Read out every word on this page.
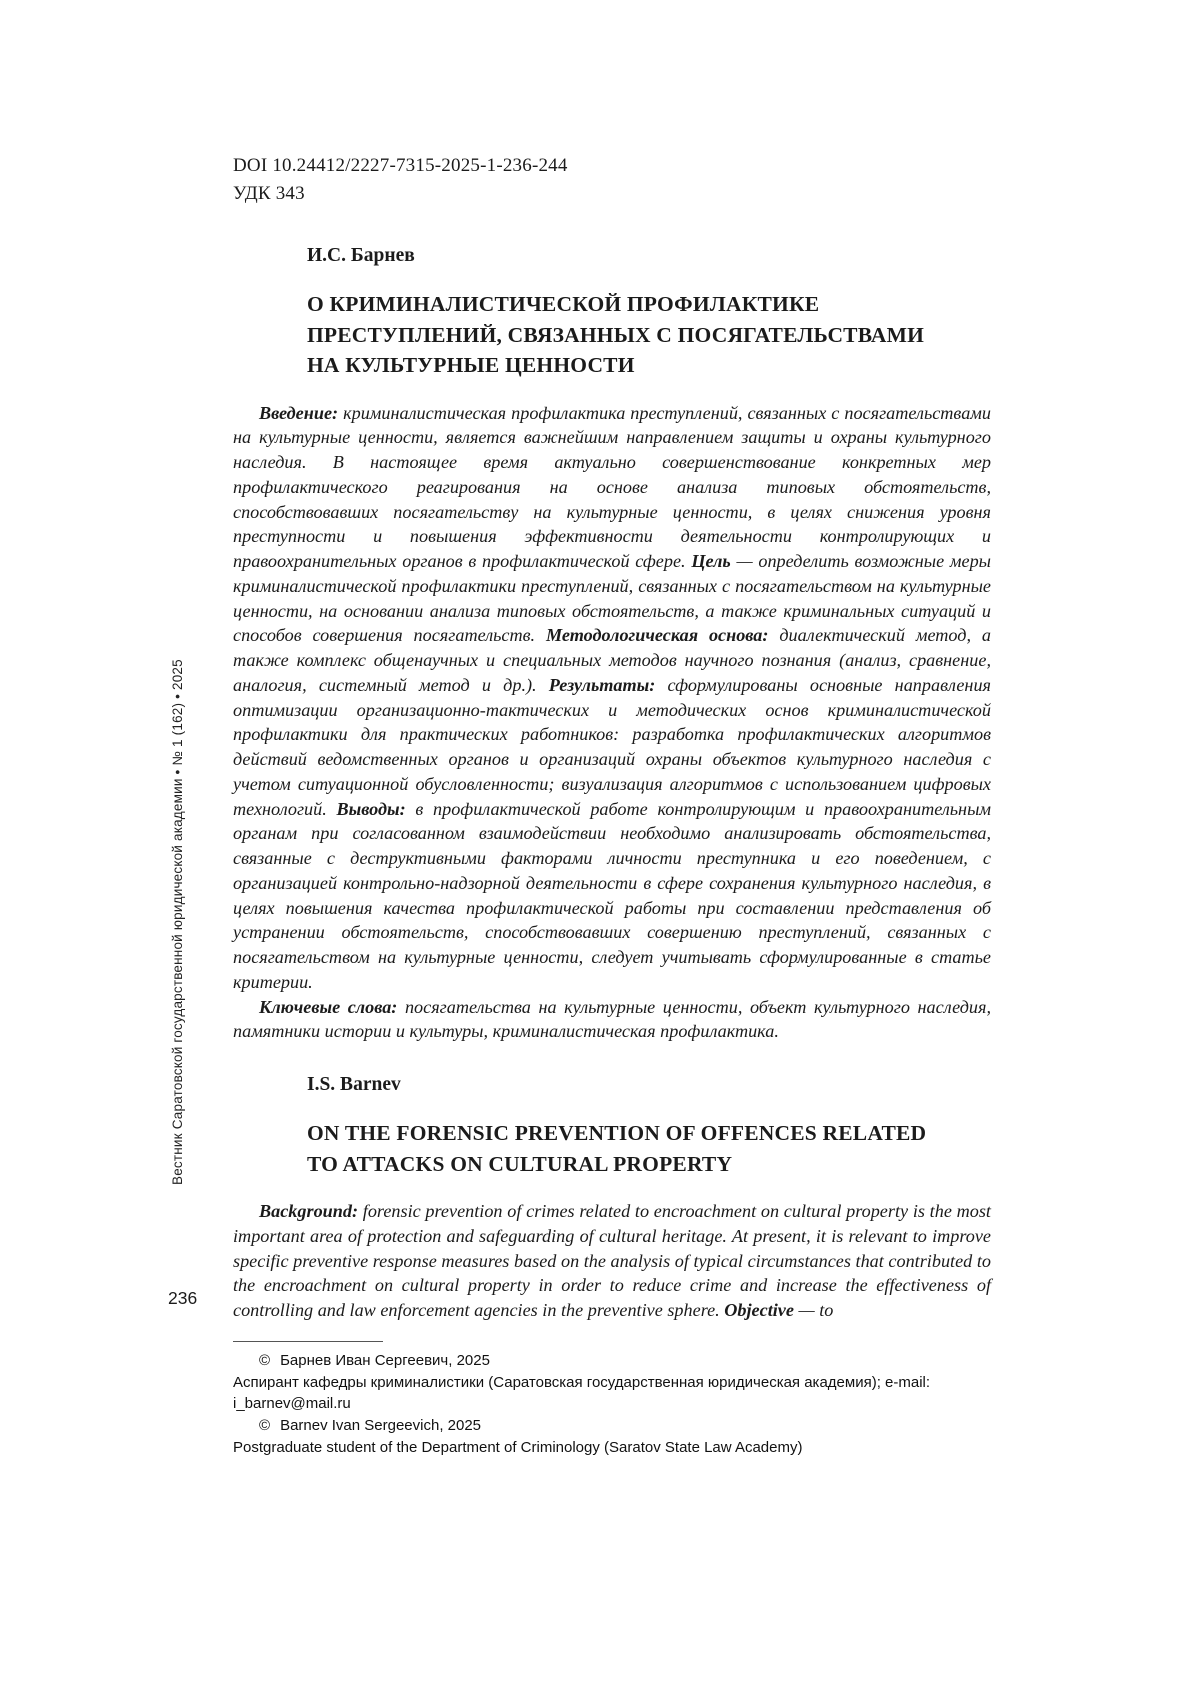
Вестник Саратовской государственной юридической академии • № 1 (162) • 2025
236
DOI 10.24412/2227-7315-2025-1-236-244
УДК 343
И.С. Барнев
О КРИМИНАЛИСТИЧЕСКОЙ ПРОФИЛАКТИКЕ
ПРЕСТУПЛЕНИЙ, СВЯЗАННЫХ С ПОСЯГАТЕЛЬСТВАМИ
НА КУЛЬТУРНЫЕ ЦЕННОСТИ

Введение: криминалистическая профилактика преступлений, связанных с посягательствами на культурные ценности, является важнейшим направлением защиты и охраны культурного наследия. В настоящее время актуально совершенствование конкретных мер профилактического реагирования на основе анализа типовых обстоятельств, способствовавших посягательству на культурные ценности, в целях снижения уровня преступности и повышения эффективности деятельности контролирующих и правоохранительных органов в профилактической сфере. Цель — определить возможные меры криминалистической профилактики преступлений, связанных с посягательством на культурные ценности, на основании анализа типовых обстоятельств, а также криминальных ситуаций и способов совершения посягательств. Методологическая основа: диалектический метод, а также комплекс общенаучных и специальных методов научного познания (анализ, сравнение, аналогия, системный метод и др.). Результаты: сформулированы основные направления оптимизации организационно-тактических и методических основ криминалистической профилактики для практических работников: разработка профилактических алгоритмов действий ведомственных органов и организаций охраны объектов культурного наследия с учетом ситуационной обусловленности; визуализация алгоритмов с использованием цифровых технологий. Выводы: в профилактической работе контролирующим и правоохранительным органам при согласованном взаимодействии необходимо анализировать обстоятельства, связанные с деструктивными факторами личности преступника и его поведением, с организацией контрольно-надзорной деятельности в сфере сохранения культурного наследия, в целях повышения качества профилактической работы при составлении представления об устранении обстоятельств, способствовавших совершению преступлений, связанных с посягательством на культурные ценности, следует учитывать сформулированные в статье критерии.

Ключевые слова: посягательства на культурные ценности, объект культурного наследия, памятники истории и культуры, криминалистическая профилактика.

I.S. Barnev
ON THE FORENSIC PREVENTION OF OFFENCES RELATED
TO ATTACKS ON CULTURAL PROPERTY

Background: forensic prevention of crimes related to encroachment on cultural property is the most important area of protection and safeguarding of cultural heritage. At present, it is relevant to improve specific preventive response measures based on the analysis of typical circumstances that contributed to the encroachment on cultural property in order to reduce crime and increase the effectiveness of controlling and law enforcement agencies in the preventive sphere. Objective — to

© Барнев Иван Сергеевич, 2025
Аспирант кафедры криминалистики (Саратовская государственная юридическая академия); e-mail: i_barnev@mail.ru
© Barnev Ivan Sergeevich, 2025
Postgraduate student of the Department of Criminology (Saratov State Law Academy)
